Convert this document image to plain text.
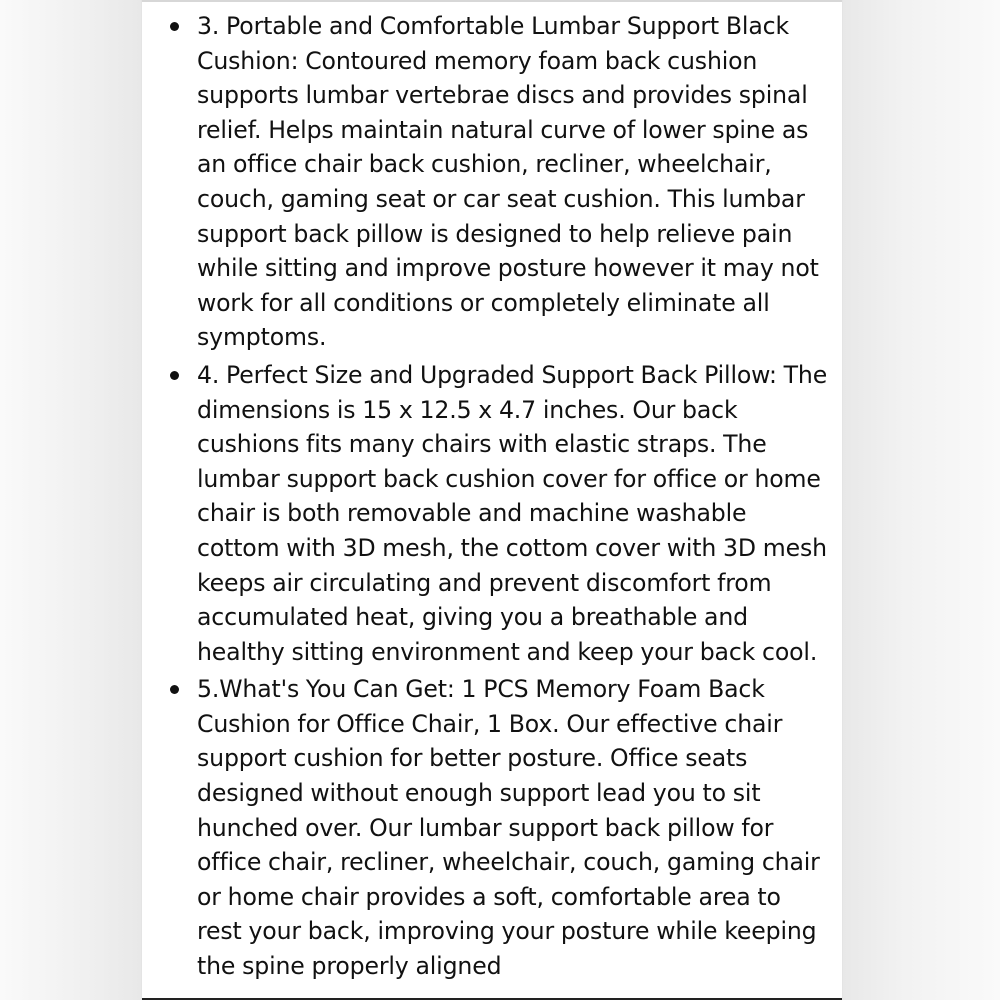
3. Portable and Comfortable Lumbar Support Black Cushion: Contoured memory foam back cushion supports lumbar vertebrae discs and provides spinal relief. Helps maintain natural curve of lower spine as an office chair back cushion, recliner, wheelchair, couch, gaming seat or car seat cushion. This lumbar support back pillow is designed to help relieve pain while sitting and improve posture however it may not work for all conditions or completely eliminate all symptoms.
4. Perfect Size and Upgraded Support Back Pillow: The dimensions is 15 x 12.5 x 4.7 inches. Our back cushions fits many chairs with elastic straps. The lumbar support back cushion cover for office or home chair is both removable and machine washable cottom with 3D mesh, the cottom cover with 3D mesh keeps air circulating and prevent discomfort from accumulated heat, giving you a breathable and healthy sitting environment and keep your back cool.
5.What's You Can Get: 1 PCS Memory Foam Back Cushion for Office Chair, 1 Box. Our effective chair support cushion for better posture. Office seats designed without enough support lead you to sit hunched over. Our lumbar support back pillow for office chair, recliner, wheelchair, couch, gaming chair or home chair provides a soft, comfortable area to rest your back, improving your posture while keeping the spine properly aligned
